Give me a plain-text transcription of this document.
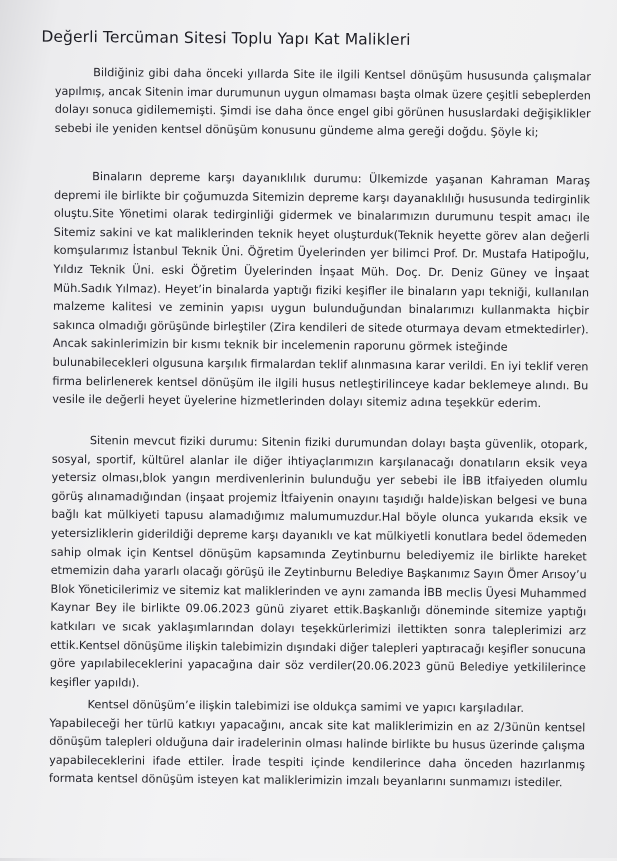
Değerli Tercüman Sitesi Toplu Yapı Kat Malikleri
Bildiğiniz gibi daha önceki yıllarda Site ile ilgili Kentsel dönüşüm hususunda çalışmalar
yapılmış, ancak Sitenin imar durumunun uygun olmaması başta olmak üzere çeşitli sebeplerden
dolayı sonuca gidilememişti. Şimdi ise daha önce engel gibi görünen hususlardaki değişiklikler
sebebi ile yeniden kentsel dönüşüm konusunu gündeme alma gereği doğdu. Şöyle ki;
Binaların depreme karşı dayanıklılık durumu: Ülkemizde yaşanan Kahraman Maraş
depremi ile birlikte bir çoğumuzda Sitemizin depreme karşı dayanaklılığı hususunda tedirginlik
oluştu.Site Yönetimi olarak tedirginliği gidermek ve binalarımızın durumunu tespit amacı ile
Sitemiz sakini ve kat maliklerinden teknik heyet oluşturduk(Teknik heyette görev alan değerli
komşularımız İstanbul Teknik Üni. Öğretim Üyelerinden yer bilimci Prof. Dr. Mustafa Hatipoğlu,
Yıldız Teknik Üni. eski Öğretim Üyelerinden İnşaat Müh. Doç. Dr. Deniz Güney ve İnşaat
Müh.Sadık Yılmaz). Heyet’in binalarda yaptığı fiziki keşifler ile binaların yapı tekniği, kullanılan
malzeme kalitesi ve zeminin yapısı uygun bulunduğundan binalarımızı kullanmakta hiçbir
sakınca olmadığı görüşünde birleştiler (Zira kendileri de sitede oturmaya devam etmektedirler).
Ancak sakinlerimizin bir kısmı teknik bir incelemenin raporunu görmek isteğinde
bulunabilecekleri olgusuna karşılık firmalardan teklif alınmasına karar verildi. En iyi teklif veren
firma belirlenerek kentsel dönüşüm ile ilgili husus netleştirilinceye kadar beklemeye alındı. Bu
vesile ile değerli heyet üyelerine hizmetlerinden dolayı sitemiz adına teşekkür ederim.
Sitenin mevcut fiziki durumu: Sitenin fiziki durumundan dolayı başta güvenlik, otopark,
sosyal, sportif, kültürel alanlar ile diğer ihtiyaçlarımızın karşılanacağı donatıların eksik veya
yetersiz olması,blok yangın merdivenlerinin bulunduğu yer sebebi ile İBB itfaiyeden olumlu
görüş alınamadığından (inşaat projemiz İtfaiyenin onayını taşıdığı halde)iskan belgesi ve buna
bağlı kat mülkiyeti tapusu alamadığımız malumumuzdur.Hal böyle olunca yukarıda eksik ve
yetersizliklerin giderildiği depreme karşı dayanıklı ve kat mülkiyetli konutlara bedel ödemeden
sahip olmak için Kentsel dönüşüm kapsamında Zeytinburnu belediyemiz ile birlikte hareket
etmemizin daha yararlı olacağı görüşü ile Zeytinburnu Belediye Başkanımız Sayın Ömer Arısoy’u
Blok Yöneticilerimiz ve sitemiz kat maliklerinden ve aynı zamanda İBB meclis Üyesi Muhammed
Kaynar Bey ile birlikte 09.06.2023 günü ziyaret ettik.Başkanlığı döneminde sitemize yaptığı
katkıları ve sıcak yaklaşımlarından dolayı teşekkürlerimizi ilettikten sonra taleplerimizi arz
ettik.Kentsel dönüşüme ilişkin talebimizin dışındaki diğer talepleri yaptıracağı keşifler sonucuna
göre yapılabileceklerini yapacağına dair söz verdiler(20.06.2023 günü Belediye yetkililerince
keşifler yapıldı).
Kentsel dönüşüm’e ilişkin talebimizi ise oldukça samimi ve yapıcı karşıladılar.
Yapabileceği her türlü katkıyı yapacağını, ancak site kat maliklerimizin en az 2/3ünün kentsel
dönüşüm talepleri olduğuna dair iradelerinin olması halinde birlikte bu husus üzerinde çalışma
yapabileceklerini ifade ettiler. İrade tespiti içinde kendilerince daha önceden hazırlanmış
formata kentsel dönüşüm isteyen kat maliklerimizin imzalı beyanlarını sunmamızı istediler.
